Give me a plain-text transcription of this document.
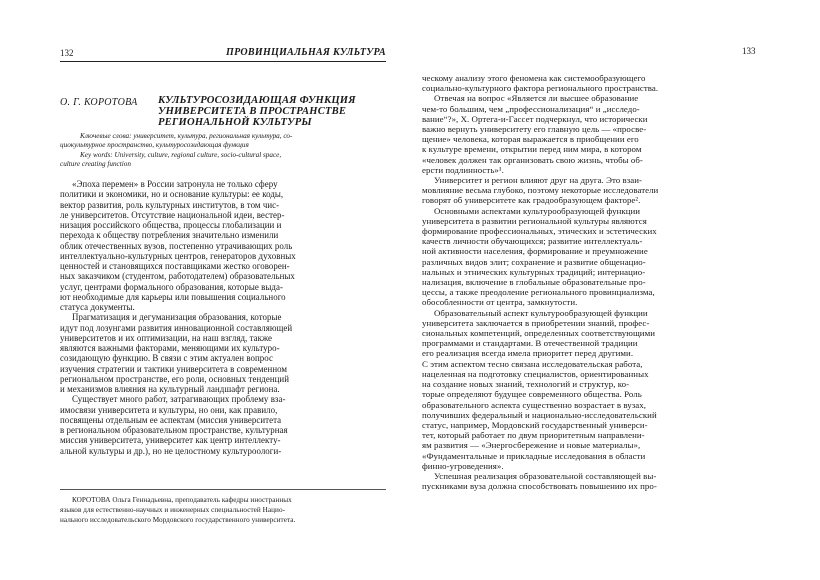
132	ПРОВИНЦИАЛЬНАЯ КУЛЬТУРА
О. Г. КОРОТОВА КУЛЬТУРОСОЗИДАЮЩАЯ ФУНКЦИЯ
УНИВЕРСИТЕТА В ПРОСТРАНСТВЕ
РЕГИОНАЛЬНОЙ КУЛЬТУРЫ
Ключевые слова: университет, культура, региональная культура, со-
циокультурное пространство, культуросозидающая функция
Key words: University, culture, regional culture, socio-cultural space,
culture creating function
«Эпоха перемен» в России затронула не только сферу
политики и экономики, но и основание культуры: ее коды,
вектор развития, роль культурных институтов, в том чис-
ле университетов. Отсутствие национальной идеи, вестер-
низация российского общества, процессы глобализации и
перехода к обществу потребления значительно изменили
облик отечественных вузов, постепенно утрачивающих роль
интеллектуально-культурных центров, генераторов духовных
ценностей и становящихся поставщиками жестко оговорен-
ных заказчиком (студентом, работодателем) образовательных
услуг, центрами формального образования, которые выда-
ют необходимые для карьеры или повышения социального
статуса документы.
Прагматизация и дегуманизация образования, которые
идут под лозунгами развития инновационной составляющей
университетов и их оптимизации, на наш взгляд, также
являются важными факторами, меняющими их культуро-
созидающую функцию. В связи с этим актуален вопрос
изучения стратегии и тактики университета в современном
региональном пространстве, его роли, основных тенденций
и механизмов влияния на культурный ландшафт региона.
Существует много работ, затрагивающих проблему вза-
имосвязи университета и культуры, но они, как правило,
посвящены отдельным ее аспектам (миссия университета
в региональном образовательном пространстве, культурная
миссия университета, университет как центр интеллекту-
альной культуры и др.), но не целостному культуроологи-
КОРОТОВА Ольга Геннадьевна, преподаватель кафедры иностранных
языков для естественно-научных и инженерных специальностей Нацио-
нального исследовательского Мордовского государственного университета.
133
ческому анализу этого феномена как системообразующего
социально-культурного фактора регионального пространства.
Отвечая на вопрос «Является ли высшее образование
чем-то большим, чем „профессионализация“ и „исследо-
вание“?», Х. Ортега-и-Гассет подчеркнул, что исторически
важно вернуть университету его главную цель — «просве-
щение» человека, которая выражается в приобщении его
к культуре времени, открытии перед ним мира, в котором
«человек должен так организовать свою жизнь, чтобы об-
ерсти подлинность»¹.
Университет и регион влияют друг на друга. Это взаи-
мовлияние весьма глубоко, поэтому некоторые исследователи
говорят об университете как градообразующем факторе².
Основными аспектами культурообразующей функции
университета в развитии региональной культуры являются
формирование профессиональных, этических и эстетических
качеств личности обучающихся; развитие интеллектуаль-
ной активности населения, формирование и преумножение
различных видов элит; сохранение и развитие общенацио-
нальных и этнических культурных традиций; интернацио-
нализация, включение в глобальные образовательные про-
цессы, а также преодоление регионального провинциализма,
обособленности от центра, замкнутости.
Образовательный аспект культурообразующей функции
университета заключается в приобретении знаний, профес-
сиональных компетенций, определенных соответствующими
программами и стандартами. В отечественной традиции
его реализация всегда имела приоритет перед другими.
С этим аспектом тесно связана исследовательская работа,
нацеленная на подготовку специалистов, ориентированных
на создание новых знаний, технологий и структур, ко-
торые определяют будущее современного общества. Роль
образовательного аспекта существенно возрастает в вузах,
получивших федеральный и национально-исследовательский
статус, например, Мордовский государственный универси-
тет, который работает по двум приоритетным направлени-
ям развития — «Энергосбережение и новые материалы»,
«Фундаментальные и прикладные исследования в области
финно-угроведения».
Успешная реализация образовательной составляющей вы-
пускниками вуза должна способствовать повышению их про-
